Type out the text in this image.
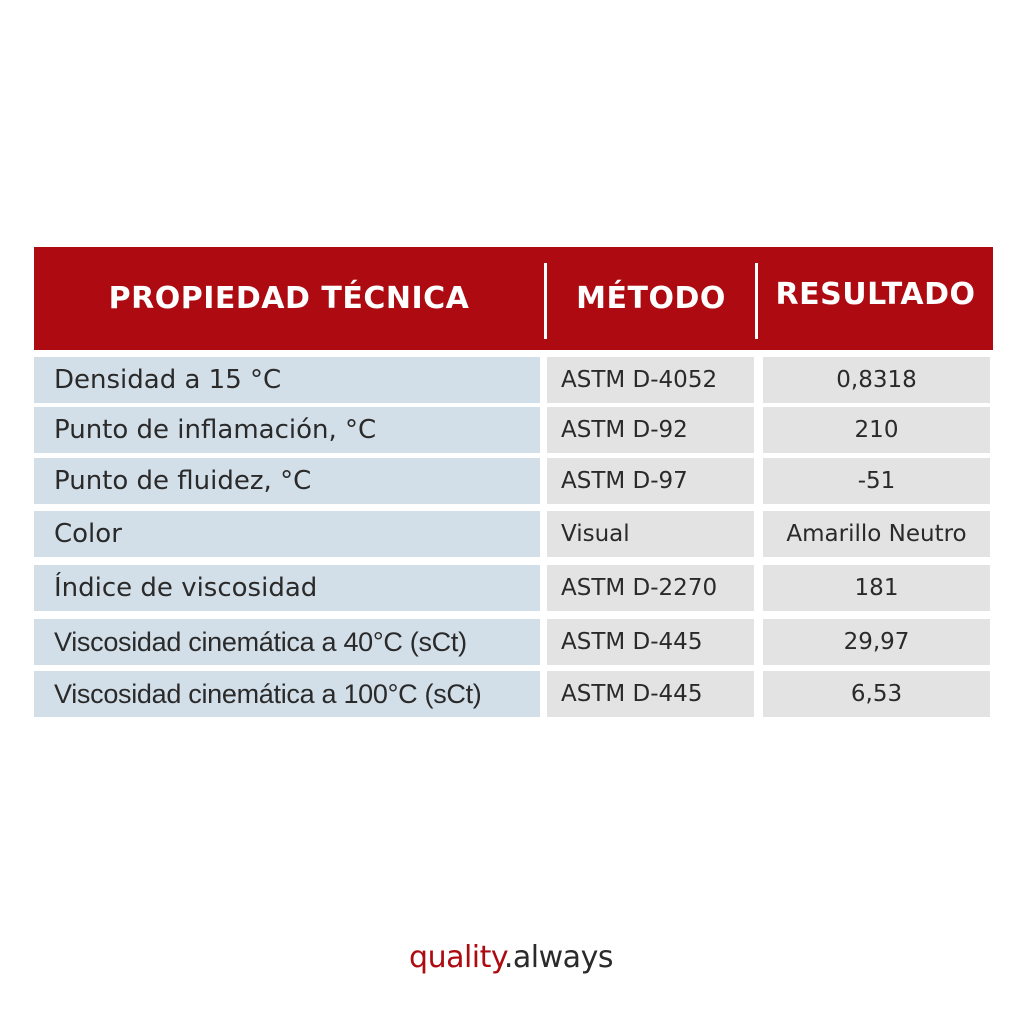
PROPIEDAD TÉCNICA	MÉTODO	RESULTADO
Densidad a 15 °C	ASTM D-4052	0,8318
Punto de inflamación, °C	ASTM D-92	210
Punto de fluidez, °C	ASTM D-97	-51
Color	Visual	Amarillo Neutro
Índice de viscosidad	ASTM D-2270	181
Viscosidad cinemática a 40°C (sCt)	ASTM D-445	29,97
Viscosidad cinemática a 100°C (sCt)	ASTM D-445	6,53
quality.always
